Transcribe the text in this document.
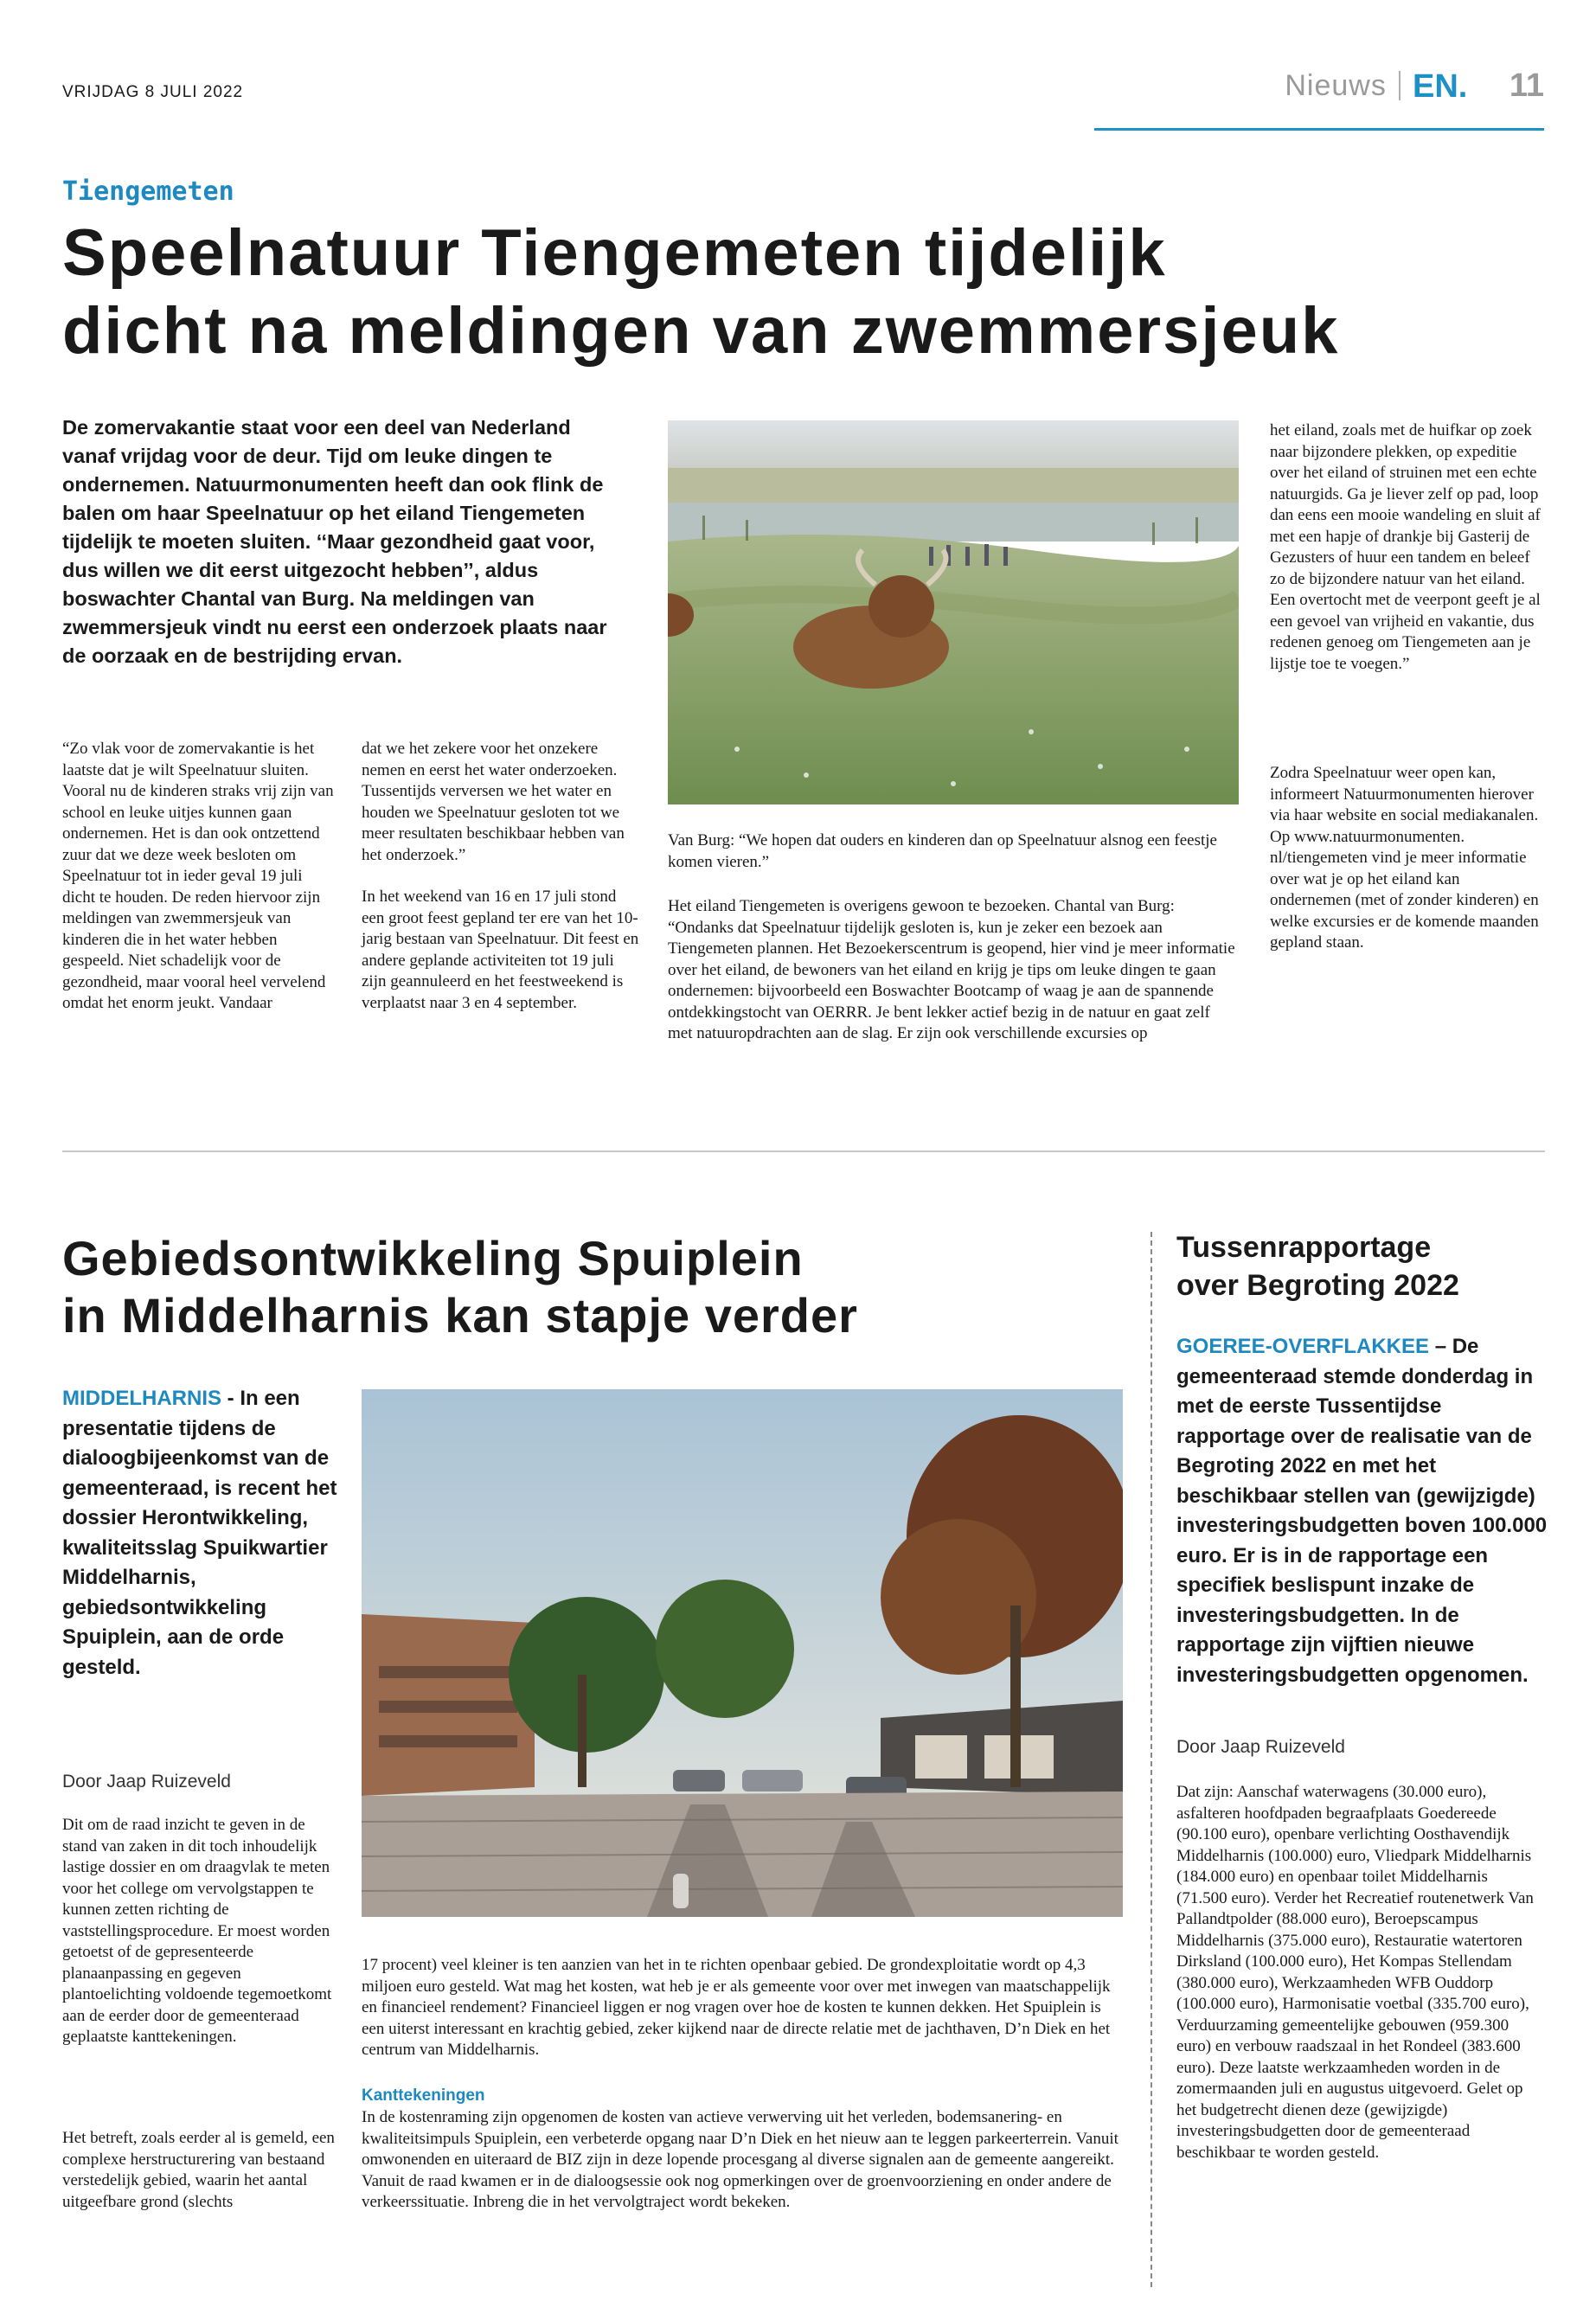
VRIJDAG 8 JULI 2022	Nieuws EN. 11
Tiengemeten
Speelnatuur Tiengemeten tijdelijk
dicht na meldingen van zwemmersjeuk

De zomervakantie staat voor een deel van Nederland vanaf vrijdag voor de deur. Tijd om leuke dingen te ondernemen. Natuurmonumenten heeft dan ook flink de balen om haar Speelnatuur op het eiland Tiengemeten tijdelijk te moeten sluiten. ‘‘Maar gezondheid gaat voor, dus willen we dit eerst uitgezocht hebben’’, aldus boswachter Chantal van Burg. Na meldingen van zwemmersjeuk vindt nu eerst een onderzoek plaats naar de oorzaak en de bestrijding ervan.

“Zo vlak voor de zomervakantie is het laatste dat je wilt Speelnatuur sluiten. Vooral nu de kinderen straks vrij zijn van school en leuke uitjes kunnen gaan ondernemen. Het is dan ook ontzettend zuur dat we deze week besloten om Speelnatuur tot in ieder geval 19 juli dicht te houden. De reden hiervoor zijn meldingen van zwemmersjeuk van kinderen die in het water hebben gespeeld. Niet schadelijk voor de gezondheid, maar vooral heel vervelend omdat het enorm jeukt. Vandaar

dat we het zekere voor het onzekere nemen en eerst het water onderzoeken. Tussentijds verversen we het water en houden we Speelnatuur gesloten tot we meer resultaten beschikbaar hebben van het onderzoek.”

In het weekend van 16 en 17 juli stond een groot feest gepland ter ere van het 10-jarig bestaan van Speelnatuur. Dit feest en andere geplande activiteiten tot 19 juli zijn geannuleerd en het feestweekend is verplaatst naar 3 en 4 september.

Van Burg: “We hopen dat ouders en kinderen dan op Speelnatuur alsnog een feestje komen vieren.”

Het eiland Tiengemeten is overigens gewoon te bezoeken. Chantal van Burg: “Ondanks dat Speelnatuur tijdelijk gesloten is, kun je zeker een bezoek aan Tiengemeten plannen. Het Bezoekerscentrum is geopend, hier vind je meer informatie over het eiland, de bewoners van het eiland en krijg je tips om leuke dingen te gaan ondernemen: bijvoorbeeld een Boswachter Bootcamp of waag je aan de spannende ontdekkingstocht van OERRR. Je bent lekker actief bezig in de natuur en gaat zelf met natuuropdrachten aan de slag. Er zijn ook verschillende excursies op

het eiland, zoals met de huifkar op zoek naar bijzondere plekken, op expeditie over het eiland of struinen met een echte natuurgids. Ga je liever zelf op pad, loop dan eens een mooie wandeling en sluit af met een hapje of drankje bij Gasterij de Gezusters of huur een tandem en beleef zo de bijzondere natuur van het eiland. Een overtocht met de veerpont geeft je al een gevoel van vrijheid en vakantie, dus redenen genoeg om Tiengemeten aan je lijstje toe te voegen.”

Zodra Speelnatuur weer open kan, informeert Natuurmonumenten hierover via haar website en social mediakanalen. Op www.natuurmonumenten. nl/tiengemeten vind je meer informatie over wat je op het eiland kan ondernemen (met of zonder kinderen) en welke excursies er de komende maanden gepland staan.

Gebiedsontwikkeling Spuiplein
in Middelharnis kan stapje verder

MIDDELHARNIS - In een presentatie tijdens de dialoogbijeenkomst van de gemeenteraad, is recent het dossier Herontwikkeling, kwaliteitsslag Spuikwartier Middelharnis, gebiedsontwikkeling Spuiplein, aan de orde gesteld.

Door Jaap Ruizeveld

Dit om de raad inzicht te geven in de stand van zaken in dit toch inhoudelijk lastige dossier en om draagvlak te meten voor het college om vervolgstappen te kunnen zetten richting de vaststellingsprocedure. Er moest worden getoetst of de gepresenteerde planaanpassing en gegeven plantoelichting voldoende tegemoetkomt aan de eerder door de gemeenteraad geplaatste kanttekeningen.

Het betreft, zoals eerder al is gemeld, een complexe herstructurering van bestaand verstedelijk gebied, waarin het aantal uitgeefbare grond (slechts

17 procent) veel kleiner is ten aanzien van het in te richten openbaar gebied. De grondexploitatie wordt op 4,3 miljoen euro gesteld. Wat mag het kosten, wat heb je er als gemeente voor over met inwegen van maatschappelijk en financieel rendement? Financieel liggen er nog vragen over hoe de kosten te kunnen dekken. Het Spuiplein is een uiterst interessant en krachtig gebied, zeker kijkend naar de directe relatie met de jachthaven, D’n Diek en het centrum van Middelharnis.

Kanttekeningen

In de kostenraming zijn opgenomen de kosten van actieve verwerving uit het verleden, bodemsanering- en kwaliteitsimpuls Spuiplein, een verbeterde opgang naar D’n Diek en het nieuw aan te leggen parkeerterrein. Vanuit omwonenden en uiteraard de BIZ zijn in deze lopende procesgang al diverse signalen aan de gemeente aangereikt. Vanuit de raad kwamen er in de dialoogsessie ook nog opmerkingen over de groenvoorziening en onder andere de verkeerssituatie. Inbreng die in het vervolgtraject wordt bekeken.

Tussenrapportage
over Begroting 2022

GOEREE-OVERFLAKKEE – De gemeenteraad stemde donderdag in met de eerste Tussentijdse rapportage over de realisatie van de Begroting 2022 en met het beschikbaar stellen van (gewijzigde) investeringsbudgetten boven 100.000 euro. Er is in de rapportage een specifiek beslispunt inzake de investeringsbudgetten. In de rapportage zijn vijftien nieuwe investeringsbudgetten opgenomen.

Door Jaap Ruizeveld

Dat zijn: Aanschaf waterwagens (30.000 euro), asfalteren hoofdpaden begraafplaats Goedereede (90.100 euro), openbare verlichting Oosthavendijk Middelharnis (100.000) euro, Vliedpark Middelharnis (184.000 euro) en openbaar toilet Middelharnis (71.500 euro). Verder het Recreatief routenetwerk Van Pallandtpolder (88.000 euro), Beroepscampus Middelharnis (375.000 euro), Restauratie watertoren Dirksland (100.000 euro), Het Kompas Stellendam (380.000 euro), Werkzaamheden WFB Ouddorp (100.000 euro), Harmonisatie voetbal (335.700 euro), Verduurzaming gemeentelijke gebouwen (959.300 euro) en verbouw raadszaal in het Rondeel (383.600 euro). Deze laatste werkzaamheden worden in de zomermaanden juli en augustus uitgevoerd. Gelet op het budgetrecht dienen deze (gewijzigde) investeringsbudgetten door de gemeenteraad beschikbaar te worden gesteld.
